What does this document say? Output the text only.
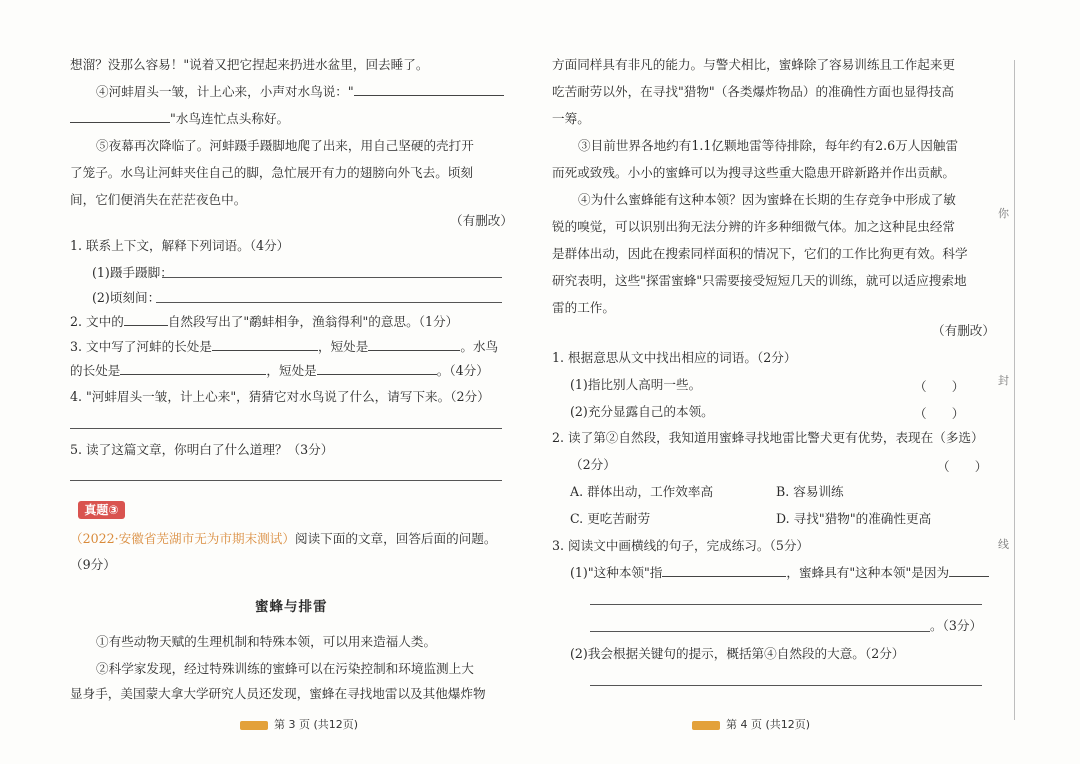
想溜？没那么容易！"说着又把它捏起来扔进水盆里，回去睡了。
④河蚌眉头一皱，计上心来，小声对水鸟说："
"水鸟连忙点头称好。
⑤夜幕再次降临了。河蚌蹑手蹑脚地爬了出来，用自己坚硬的壳打开
了笼子。水鸟让河蚌夹住自己的脚，急忙展开有力的翅膀向外飞去。顷刻
间，它们便消失在茫茫夜色中。
（有删改）
1. 联系上下文，解释下列词语。（4分）
(1)蹑手蹑脚：
(2)顷刻间：
2. 文中的	自然段写出了"鹬蚌相争，渔翁得利"的意思。（1分）
3. 文中写了河蚌的长处是	，短处是	。水鸟
的长处是	，短处是	。（4分）
4. "河蚌眉头一皱，计上心来"，猜猜它对水鸟说了什么，请写下来。（2分）
5. 读了这篇文章，你明白了什么道理？（3分）
真题③
（2022·安徽省芜湖市无为市期末测试）阅读下面的文章，回答后面的问题。
（9分）
蜜蜂与排雷
①有些动物天赋的生理机制和特殊本领，可以用来造福人类。
②科学家发现，经过特殊训练的蜜蜂可以在污染控制和环境监测上大
显身手，美国蒙大拿大学研究人员还发现，蜜蜂在寻找地雷以及其他爆炸物
第 3 页 (共12页)
方面同样具有非凡的能力。与警犬相比，蜜蜂除了容易训练且工作起来更
吃苦耐劳以外，在寻找"猎物"（各类爆炸物品）的准确性方面也显得技高
一筹。
③目前世界各地约有1.1亿颗地雷等待排除，每年约有2.6万人因触雷
而死或致残。小小的蜜蜂可以为搜寻这些重大隐患开辟新路并作出贡献。
④为什么蜜蜂能有这种本领？因为蜜蜂在长期的生存竞争中形成了敏
锐的嗅觉，可以识别出狗无法分辨的许多种细微气体。加之这种昆虫经常
是群体出动，因此在搜索同样面积的情况下，它们的工作比狗更有效。科学
研究表明，这些"探雷蜜蜂"只需要接受短短几天的训练，就可以适应搜索地
雷的工作。
（有删改）
1. 根据意思从文中找出相应的词语。（2分）
(1)指比别人高明一些。	（　　）
(2)充分显露自己的本领。	（　　）
2. 读了第②自然段，我知道用蜜蜂寻找地雷比警犬更有优势，表现在（多选）
（2分）	（　　）
A. 群体出动，工作效率高	B. 容易训练
C. 更吃苦耐劳	D. 寻找"猎物"的准确性更高
3. 阅读文中画横线的句子，完成练习。（5分）
(1)"这种本领"指	，蜜蜂具有"这种本领"是因为
。（3分）
(2)我会根据关键句的提示，概括第④自然段的大意。（2分）
第 4 页 (共12页)
你
封
线
